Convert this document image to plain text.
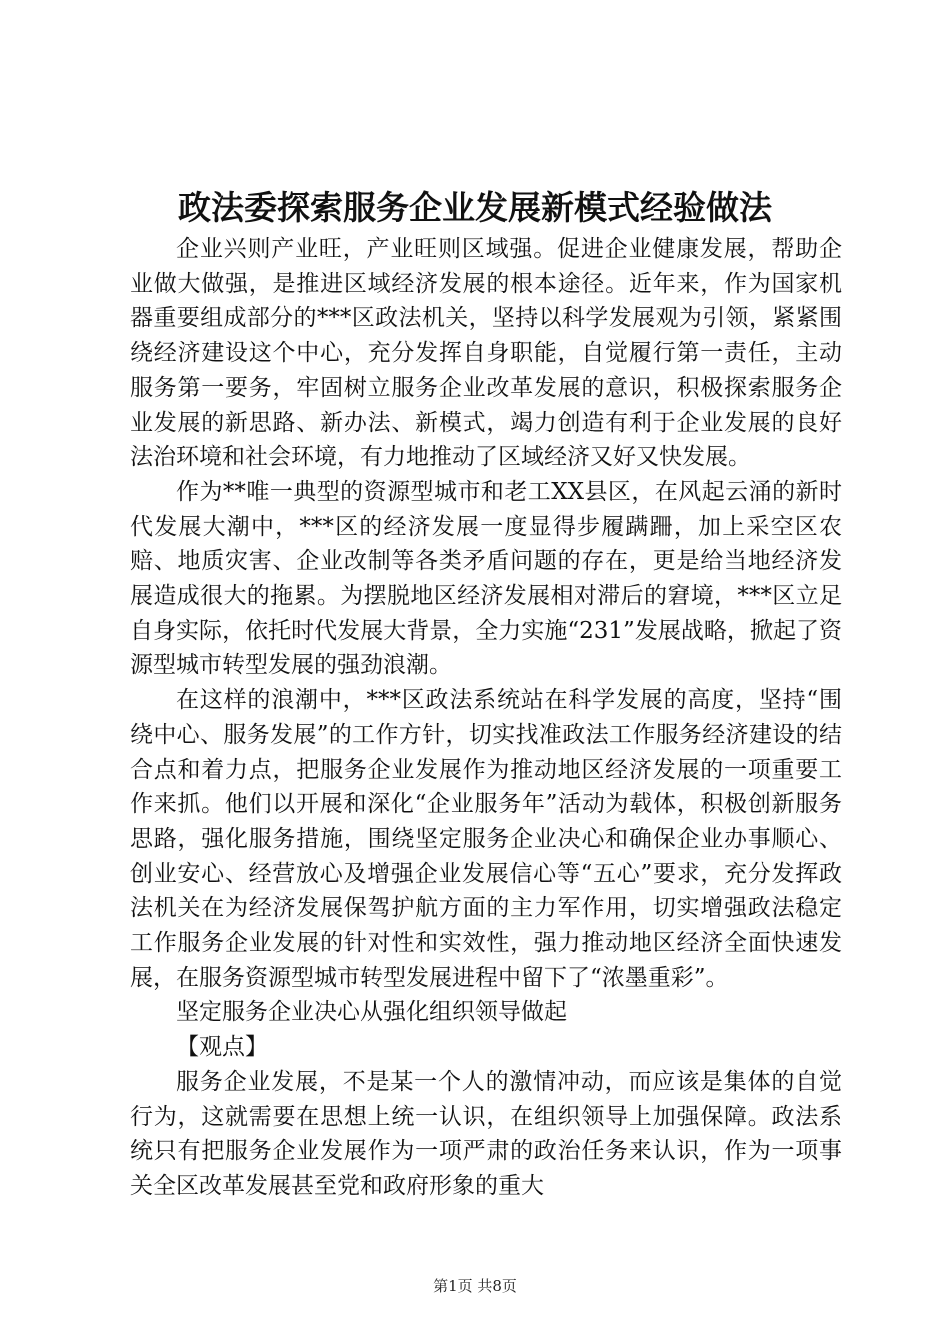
政法委探索服务企业发展新模式经验做法

企业兴则产业旺，产业旺则区域强。促进企业健康发展，帮助企业做大做强，是推进区域经济发展的根本途径。近年来，作为国家机器重要组成部分的***区政法机关，坚持以科学发展观为引领，紧紧围绕经济建设这个中心，充分发挥自身职能，自觉履行第一责任，主动服务第一要务，牢固树立服务企业改革发展的意识，积极探索服务企业发展的新思路、新办法、新模式，竭力创造有利于企业发展的良好法治环境和社会环境，有力地推动了区域经济又好又快发展。

作为**唯一典型的资源型城市和老工XX县区，在风起云涌的新时代发展大潮中，***区的经济发展一度显得步履蹒跚，加上采空区农赔、地质灾害、企业改制等各类矛盾问题的存在，更是给当地经济发展造成很大的拖累。为摆脱地区经济发展相对滞后的窘境，***区立足自身实际，依托时代发展大背景，全力实施“231”发展战略，掀起了资源型城市转型发展的强劲浪潮。

在这样的浪潮中，***区政法系统站在科学发展的高度，坚持“围绕中心、服务发展”的工作方针，切实找准政法工作服务经济建设的结合点和着力点，把服务企业发展作为推动地区经济发展的一项重要工作来抓。他们以开展和深化“企业服务年”活动为载体，积极创新服务思路，强化服务措施，围绕坚定服务企业决心和确保企业办事顺心、创业安心、经营放心及增强企业发展信心等“五心”要求，充分发挥政法机关在为经济发展保驾护航方面的主力军作用，切实增强政法稳定工作服务企业发展的针对性和实效性，强力推动地区经济全面快速发展，在服务资源型城市转型发展进程中留下了“浓墨重彩”。

坚定服务企业决心从强化组织领导做起

【观点】

服务企业发展，不是某一个人的激情冲动，而应该是集体的自觉行为，这就需要在思想上统一认识，在组织领导上加强保障。政法系统只有把服务企业发展作为一项严肃的政治任务来认识，作为一项事关全区改革发展甚至党和政府形象的重大

第1页 共8页
